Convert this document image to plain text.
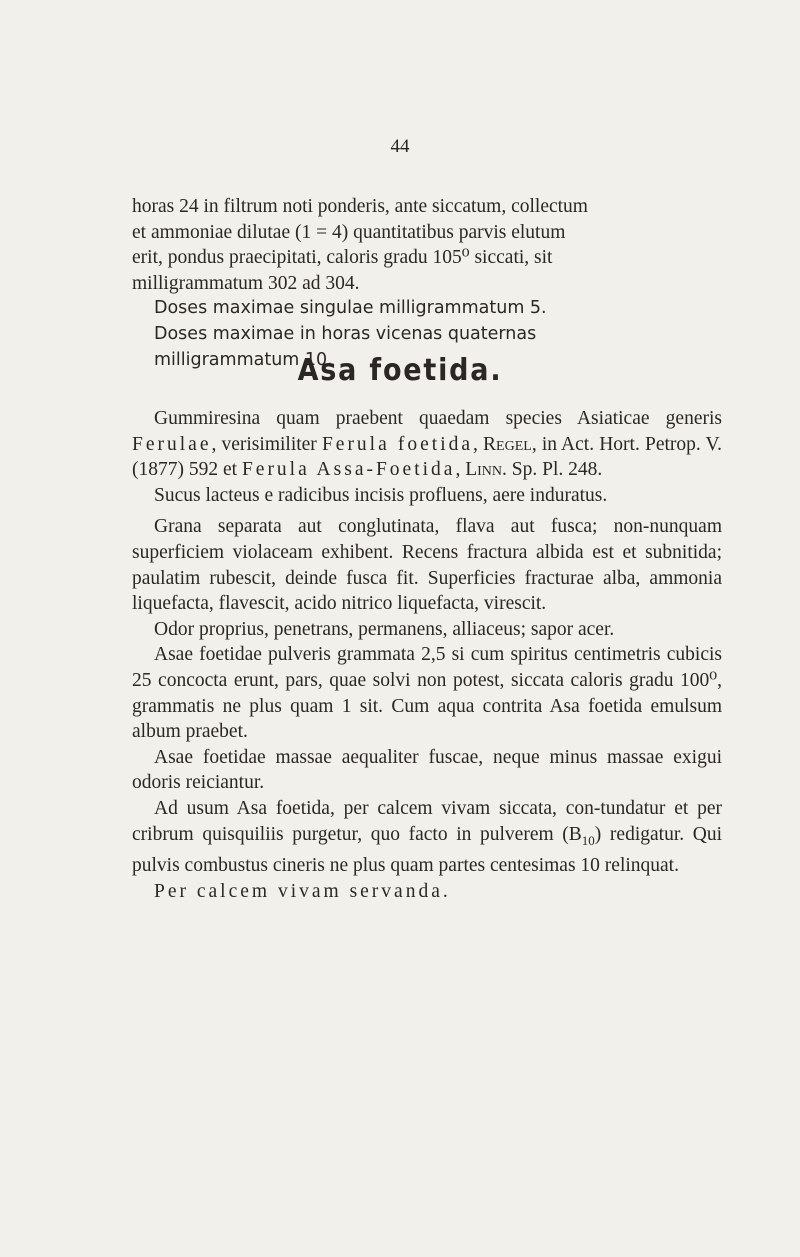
44

horas 24 in filtrum noti ponderis, ante siccatum, collectum

et ammoniae dilutae (1 = 4) quantitatibus parvis elutum

erit, pondus praecipitati, caloris gradu 105⁰ siccati, sit

milligrammatum 302 ad 304.

Doses maximae singulae milligrammatum 5.

Doses maximae in horas vicenas quaternas

milligrammatum 10.

Asa foetida.

Gummiresina quam praebent quaedam species Asiaticae generis Ferulae, verisimiliter Ferula foetida, Regel, in Act. Hort. Petrop. V. (1877) 592 et Ferula Assa-Foetida, Linn. Sp. Pl. 248.

Sucus lacteus e radicibus incisis profluens, aere induratus.

Grana separata aut conglutinata, flava aut fusca; non-nunquam superficiem violaceam exhibent. Recens fractura albida est et subnitida; paulatim rubescit, deinde fusca fit. Superficies fracturae alba, ammonia liquefacta, flavescit, acido nitrico liquefacta, virescit.

Odor proprius, penetrans, permanens, alliaceus; sapor acer.

Asae foetidae pulveris grammata 2,5 si cum spiritus centimetris cubicis 25 concocta erunt, pars, quae solvi non potest, siccata caloris gradu 100⁰, grammatis ne plus quam 1 sit. Cum aqua contrita Asa foetida emulsum album praebet.

Asae foetidae massae aequaliter fuscae, neque minus massae exigui odoris reiciantur.

Ad usum Asa foetida, per calcem vivam siccata, con-tundatur et per cribrum quisquiliis purgetur, quo facto in pulverem $(B_{10})$ redigatur. Qui pulvis combustus cineris ne plus quam partes centesimas 10 relinquat.

Per calcem vivam servanda.
